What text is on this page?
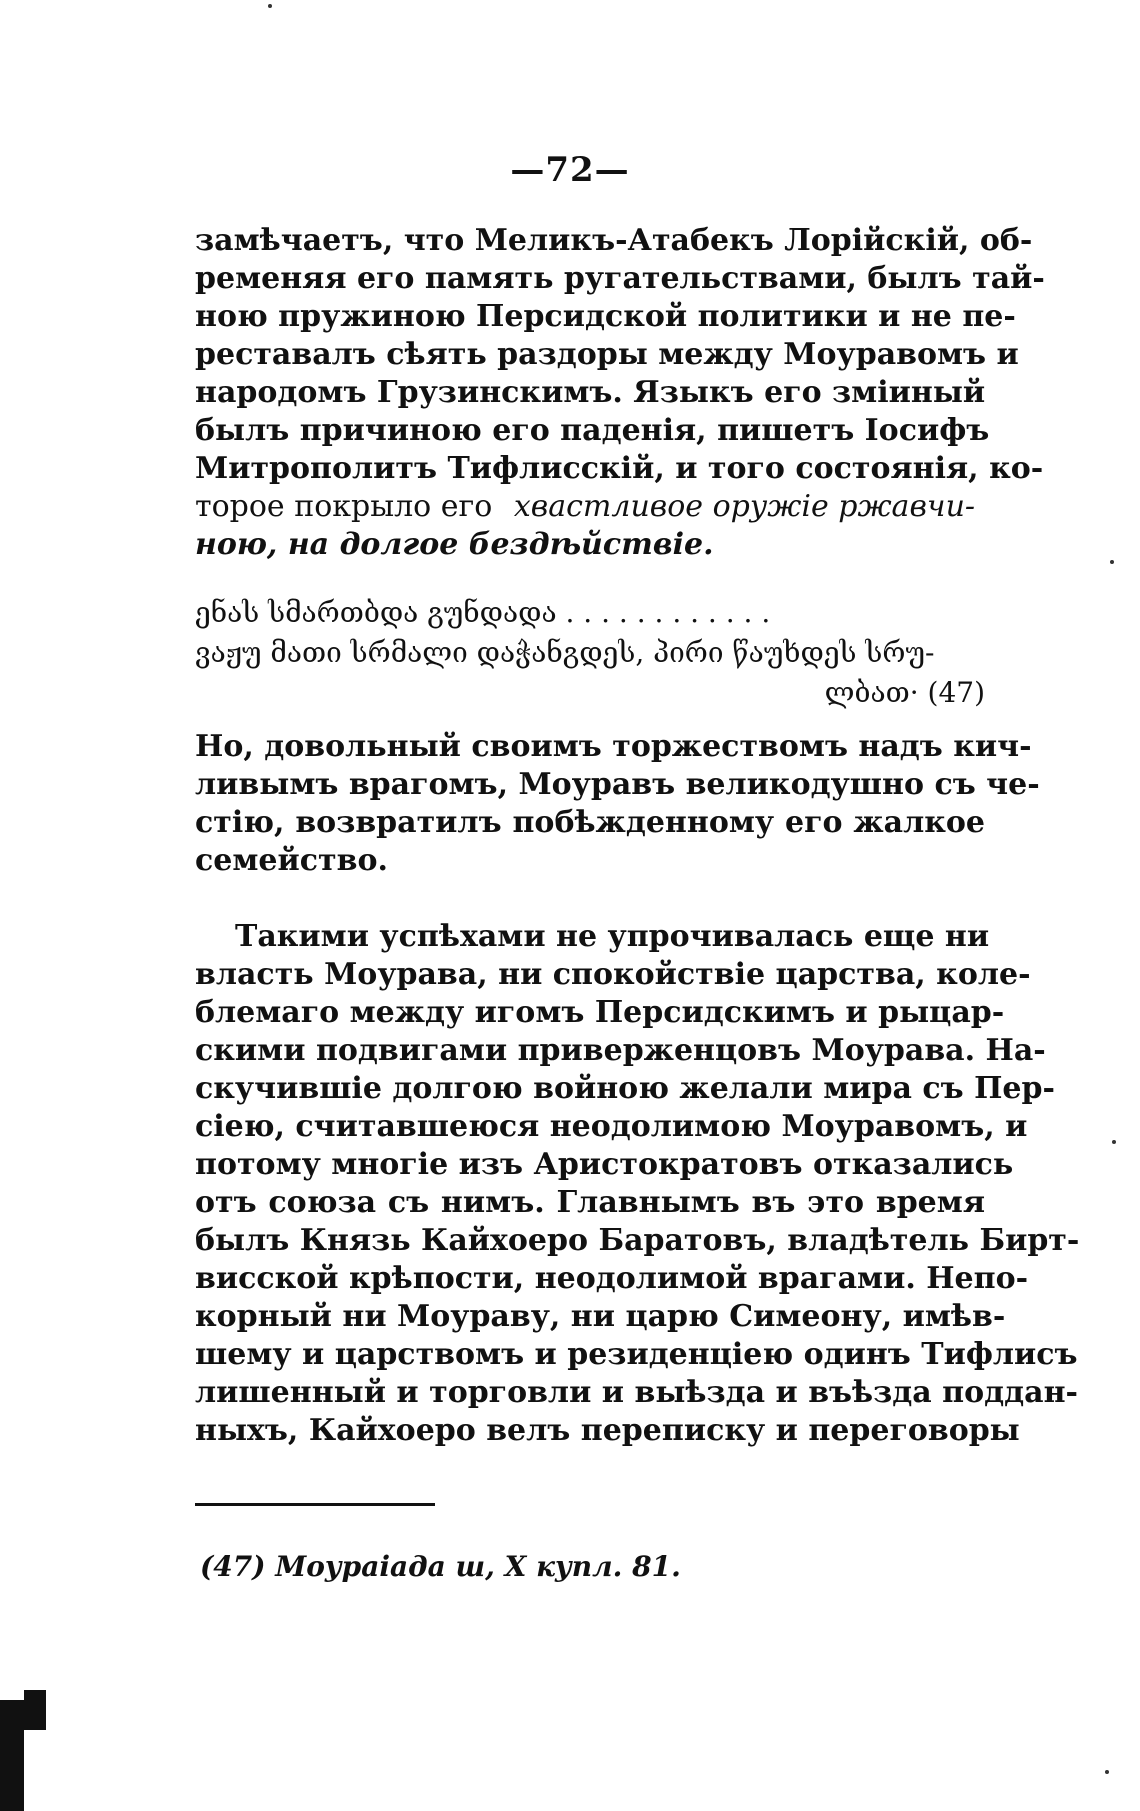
—72—
замѣчаетъ, что Меликъ-Атабекъ Лорійскій, об-
ременяя его память ругательствами, былъ тай-
ною пружиною Персидской политики и не пе-
реставалъ сѣять раздоры между Моуравомъ и
народомъ Грузинскимъ. Языкъ его зміиный
былъ причиною его паденія, пишетъ Іосифъ
Митрополитъ Тифлисскій, и того состоянія, ко-
торое покрыло его хвастливое оружіе ржавчи-
ною, на долгое бездѣйствіе.
ენას სმართბდა გუნდადა . . . . . . . . . . . .
ვაჟუ მათი სრმალი დაჭანგდეს, პირი წაუხდეს სრუ-
ლბათ· (47)
Но, довольный своимъ торжествомъ надъ кич-
ливымъ врагомъ, Моуравъ великодушно съ че-
стію, возвратилъ побѣжденному его жалкое
семейство.
Такими успѣхами не упрочивалась еще ни
власть Моурава, ни спокойствіе царства, коле-
блемаго между игомъ Персидскимъ и рыцар-
скими подвигами приверженцовъ Моурава. На-
скучившіе долгою войною желали мира съ Пер-
сіею, считавшеюся неодолимою Моуравомъ, и
потому многіе изъ Аристократовъ отказались
отъ союза съ нимъ. Главнымъ въ это время
былъ Князь Кайхоеро Баратовъ, владѣтель Бирт-
висской крѣпости, неодолимой врагами. Непо-
корный ни Моураву, ни царю Симеону, имѣв-
шему и царствомъ и резиденціею одинъ Тифлисъ
лишенный и торговли и выѣзда и въѣзда поддан-
ныхъ, Кайхоеро велъ переписку и переговоры
(47) Моураіада ш, X купл. 81.
